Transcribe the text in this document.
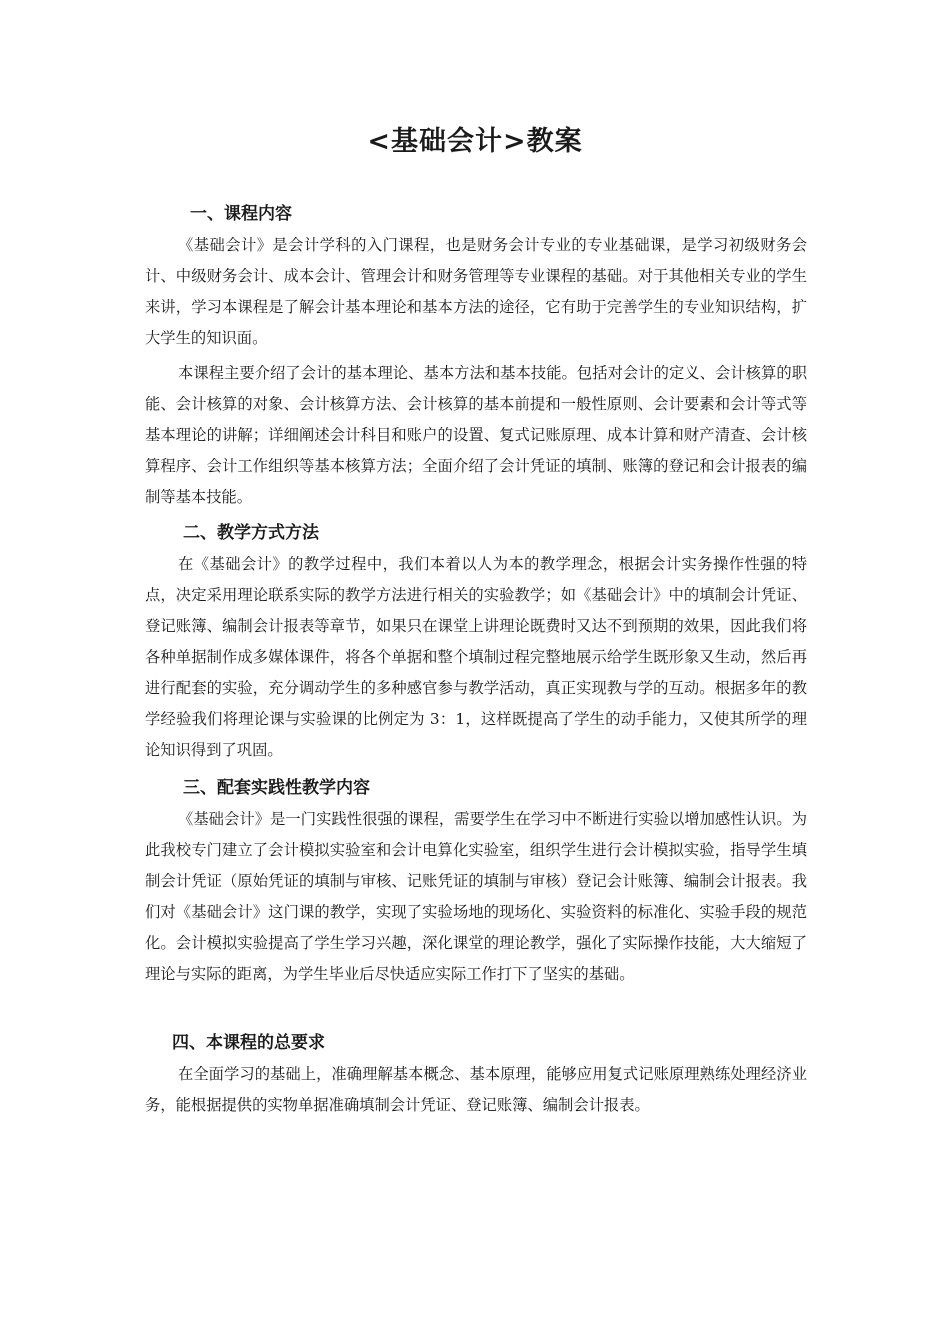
<基础会计>教案
一、课程内容

《基础会计》是会计学科的入门课程，也是财务会计专业的专业基础课，是学习初级财务会计、中级财务会计、成本会计、管理会计和财务管理等专业课程的基础。对于其他相关专业的学生来讲，学习本课程是了解会计基本理论和基本方法的途径，它有助于完善学生的专业知识结构，扩大学生的知识面。

本课程主要介绍了会计的基本理论、基本方法和基本技能。包括对会计的定义、会计核算的职能、会计核算的对象、会计核算方法、会计核算的基本前提和一般性原则、会计要素和会计等式等基本理论的讲解；详细阐述会计科目和账户的设置、复式记账原理、成本计算和财产清查、会计核算程序、会计工作组织等基本核算方法；全面介绍了会计凭证的填制、账簿的登记和会计报表的编制等基本技能。

二、教学方式方法

在《基础会计》的教学过程中，我们本着以人为本的教学理念，根据会计实务操作性强的特点，决定采用理论联系实际的教学方法进行相关的实验教学；如《基础会计》中的填制会计凭证、登记账簿、编制会计报表等章节，如果只在课堂上讲理论既费时又达不到预期的效果，因此我们将各种单据制作成多媒体课件，将各个单据和整个填制过程完整地展示给学生既形象又生动，然后再进行配套的实验，充分调动学生的多种感官参与教学活动，真正实现教与学的互动。根据多年的教学经验我们将理论课与实验课的比例定为 3：1，这样既提高了学生的动手能力，又使其所学的理论知识得到了巩固。

三、配套实践性教学内容

《基础会计》是一门实践性很强的课程，需要学生在学习中不断进行实验以增加感性认识。为此我校专门建立了会计模拟实验室和会计电算化实验室，组织学生进行会计模拟实验，指导学生填制会计凭证（原始凭证的填制与审核、记账凭证的填制与审核）登记会计账簿、编制会计报表。我们对《基础会计》这门课的教学，实现了实验场地的现场化、实验资料的标准化、实验手段的规范化。会计模拟实验提高了学生学习兴趣，深化课堂的理论教学，强化了实际操作技能，大大缩短了理论与实际的距离，为学生毕业后尽快适应实际工作打下了坚实的基础。

四、本课程的总要求

在全面学习的基础上，准确理解基本概念、基本原理，能够应用复式记账原理熟练处理经济业务，能根据提供的实物单据准确填制会计凭证、登记账簿、编制会计报表。
